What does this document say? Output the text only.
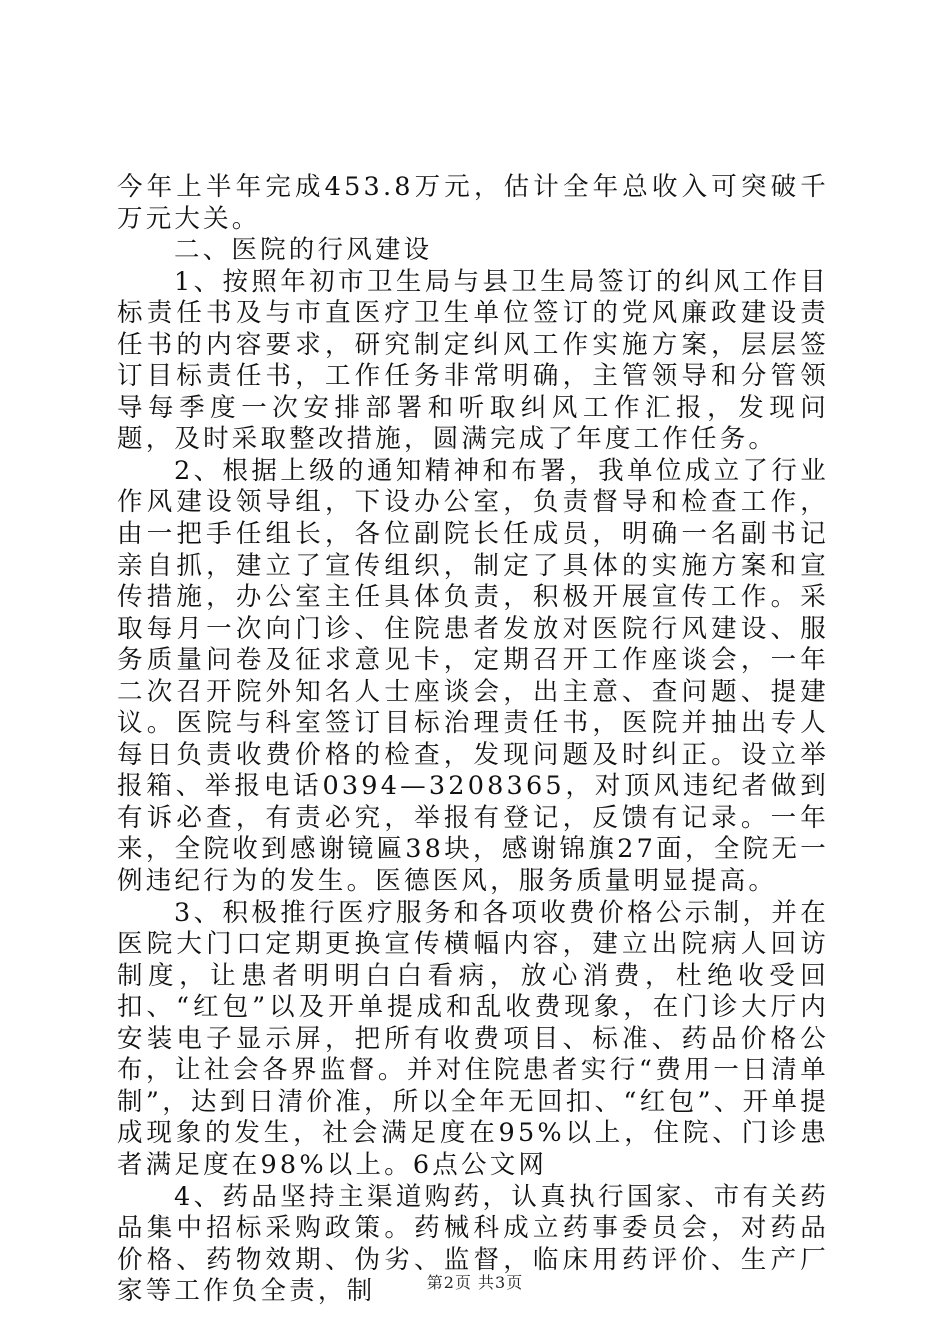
今年上半年完成453.8万元，估计全年总收入可突破千万元大关。

二、医院的行风建设

1、按照年初市卫生局与县卫生局签订的纠风工作目标责任书及与市直医疗卫生单位签订的党风廉政建设责任书的内容要求，研究制定纠风工作实施方案，层层签订目标责任书，工作任务非常明确，主管领导和分管领导每季度一次安排部署和听取纠风工作汇报，发现问题，及时采取整改措施，圆满完成了年度工作任务。

2、根据上级的通知精神和布署，我单位成立了行业作风建设领导组，下设办公室，负责督导和检查工作，由一把手任组长，各位副院长任成员，明确一名副书记亲自抓，建立了宣传组织，制定了具体的实施方案和宣传措施，办公室主任具体负责，积极开展宣传工作。采取每月一次向门诊、住院患者发放对医院行风建设、服务质量问卷及征求意见卡，定期召开工作座谈会，一年二次召开院外知名人士座谈会，出主意、查问题、提建议。医院与科室签订目标治理责任书，医院并抽出专人每日负责收费价格的检查，发现问题及时纠正。设立举报箱、举报电话0394—3208365，对顶风违纪者做到有诉必查，有责必究，举报有登记，反馈有记录。一年来，全院收到感谢镜匾38块，感谢锦旗27面，全院无一例违纪行为的发生。医德医风，服务质量明显提高。

3、积极推行医疗服务和各项收费价格公示制，并在医院大门口定期更换宣传横幅内容，建立出院病人回访制度，让患者明明白白看病，放心消费，杜绝收受回扣、“红包”以及开单提成和乱收费现象，在门诊大厅内安装电子显示屏，把所有收费项目、标准、药品价格公布，让社会各界监督。并对住院患者实行“费用一日清单制”，达到日清价准，所以全年无回扣、“红包”、开单提成现象的发生，社会满足度在95%以上，住院、门诊患者满足度在98%以上。6点公文网

4、药品坚持主渠道购药，认真执行国家、市有关药品集中招标采购政策。药械科成立药事委员会，对药品价格、药物效期、伪劣、监督，临床用药评价、生产厂家等工作负全责，制	第2页 共3页
